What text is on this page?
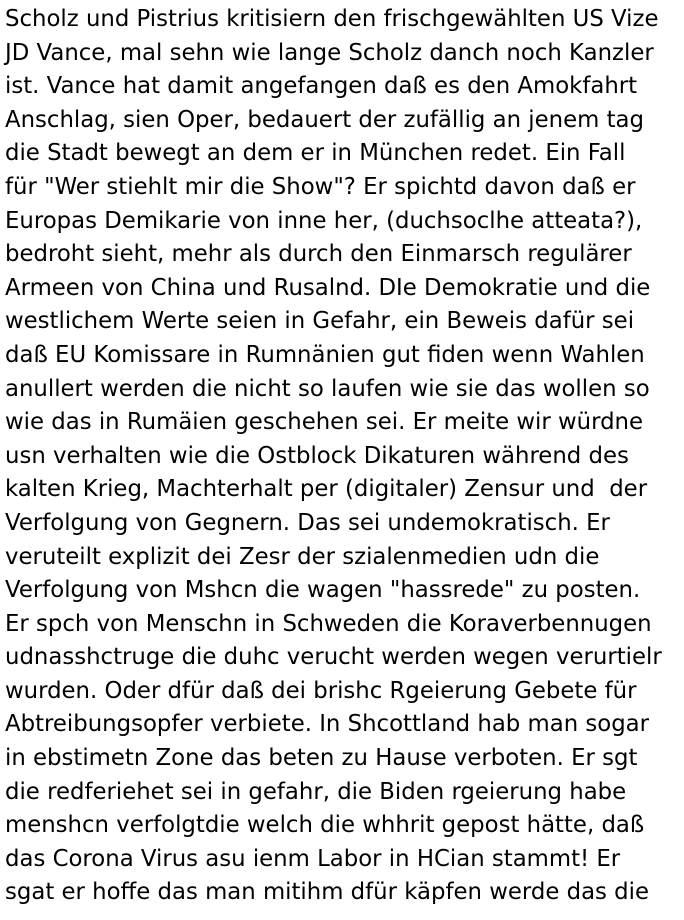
Scholz und Pistrius kritisiern den frischgewählten US Vize
JD Vance, mal sehn wie lange Scholz danch noch Kanzler
ist. Vance hat damit angefangen daß es den Amokfahrt
Anschlag, sien Oper, bedauert der zufällig an jenem tag
die Stadt bewegt an dem er in München redet. Ein Fall
für "Wer stiehlt mir die Show"? Er spichtd davon daß er
Europas Demikarie von inne her, (duchsoclhe atteata?),
bedroht sieht, mehr als durch den Einmarsch regulärer
Armeen von China und Rusalnd. DIe Demokratie und die
westlichem Werte seien in Gefahr, ein Beweis dafür sei
daß EU Komissare in Rumnänien gut fiden wenn Wahlen
anullert werden die nicht so laufen wie sie das wollen so
wie das in Rumäien geschehen sei. Er meite wir würdne
usn verhalten wie die Ostblock Dikaturen während des
kalten Krieg, Machterhalt per (digitaler) Zensur und  der
Verfolgung von Gegnern. Das sei undemokratisch. Er
veruteilt explizit dei Zesr der szialenmedien udn die
Verfolgung von Mshcn die wagen "hassrede" zu posten.
Er spch von Menschn in Schweden die Koraverbennugen
udnasshctruge die duhc verucht werden wegen verurtielr
wurden. Oder dfür daß dei brishc Rgeierung Gebete für
Abtreibungsopfer verbiete. In Shcottland hab man sogar
in ebstimetn Zone das beten zu Hause verboten. Er sgt
die redferiehet sei in gefahr, die Biden rgeierung habe
menshcn verfolgtdie welch die whhrit gepost hätte, daß
das Corona Virus asu ienm Labor in HCian stammt! Er
sgat er hoffe das man mitihm dfür käpfen werde das die
